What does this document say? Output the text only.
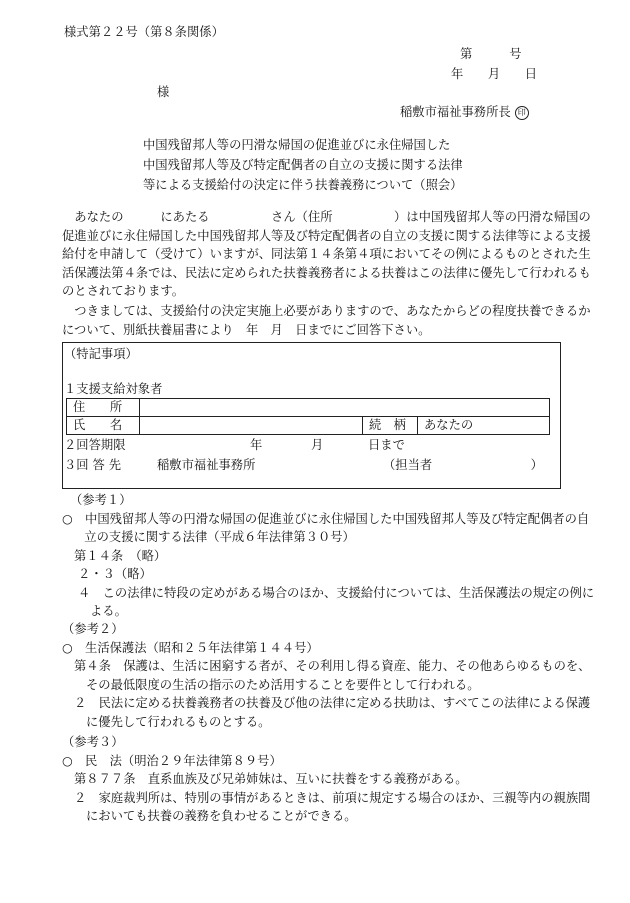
様式第２２号（第８条関係）
第　　　号
年　　月　　日
様
稲敷市福祉事務所長 印
中国残留邦人等の円滑な帰国の促進並びに永住帰国した
中国残留邦人等及び特定配偶者の自立の支援に関する法律
等による支援給付の決定に伴う扶養義務について（照会）
　あなたの　　　にあたる　　　　　さん（住所　　　　　）は中国残留邦人等の円滑な帰国の
促進並びに永住帰国した中国残留邦人等及び特定配偶者の自立の支援に関する法律等による支援
給付を申請して（受けて）いますが、同法第１４条第４項においてその例によるものとされた生
活保護法第４条では、民法に定められた扶養義務者による扶養はこの法律に優先して行われるも
のとされております。
　つきましては、支援給付の決定実施上必要がありますので、あなたからどの程度扶養できるか
について、別紙扶養届書により　年　月　日までにご回答下さい。
（特記事項）
１支援支給対象者
住　　所			
氏　　名		続　柄	あなたの
２回答期限	年	月	日まで
３回 答 先	稲敷市福祉事務所	（担当者　　　　　　　　）
（参考１）
○　中国残留邦人等の円滑な帰国の促進並びに永住帰国した中国残留邦人等及び特定配偶者の自
　立の支援に関する法律（平成６年法律第３０号）
第１４条　（略）
２・３（略）
４　この法律に特段の定めがある場合のほか、支援給付については、生活保護法の規定の例に
よる。
（参考２）
○　生活保護法（昭和２５年法律第１４４号）
第４条　保護は、生活に困窮する者が、その利用し得る資産、能力、その他あらゆるものを、
その最低限度の生活の指示のため活用することを要件として行われる。
２　民法に定める扶養義務者の扶養及び他の法律に定める扶助は、すべてこの法律による保護
に優先して行われるものとする。
（参考３）
○　民　法（明治２９年法律第８９号）
第８７７条　直系血族及び兄弟姉妹は、互いに扶養をする義務がある。
２　家庭裁判所は、特別の事情があるときは、前項に規定する場合のほか、三親等内の親族間
においても扶養の義務を負わせることができる。
